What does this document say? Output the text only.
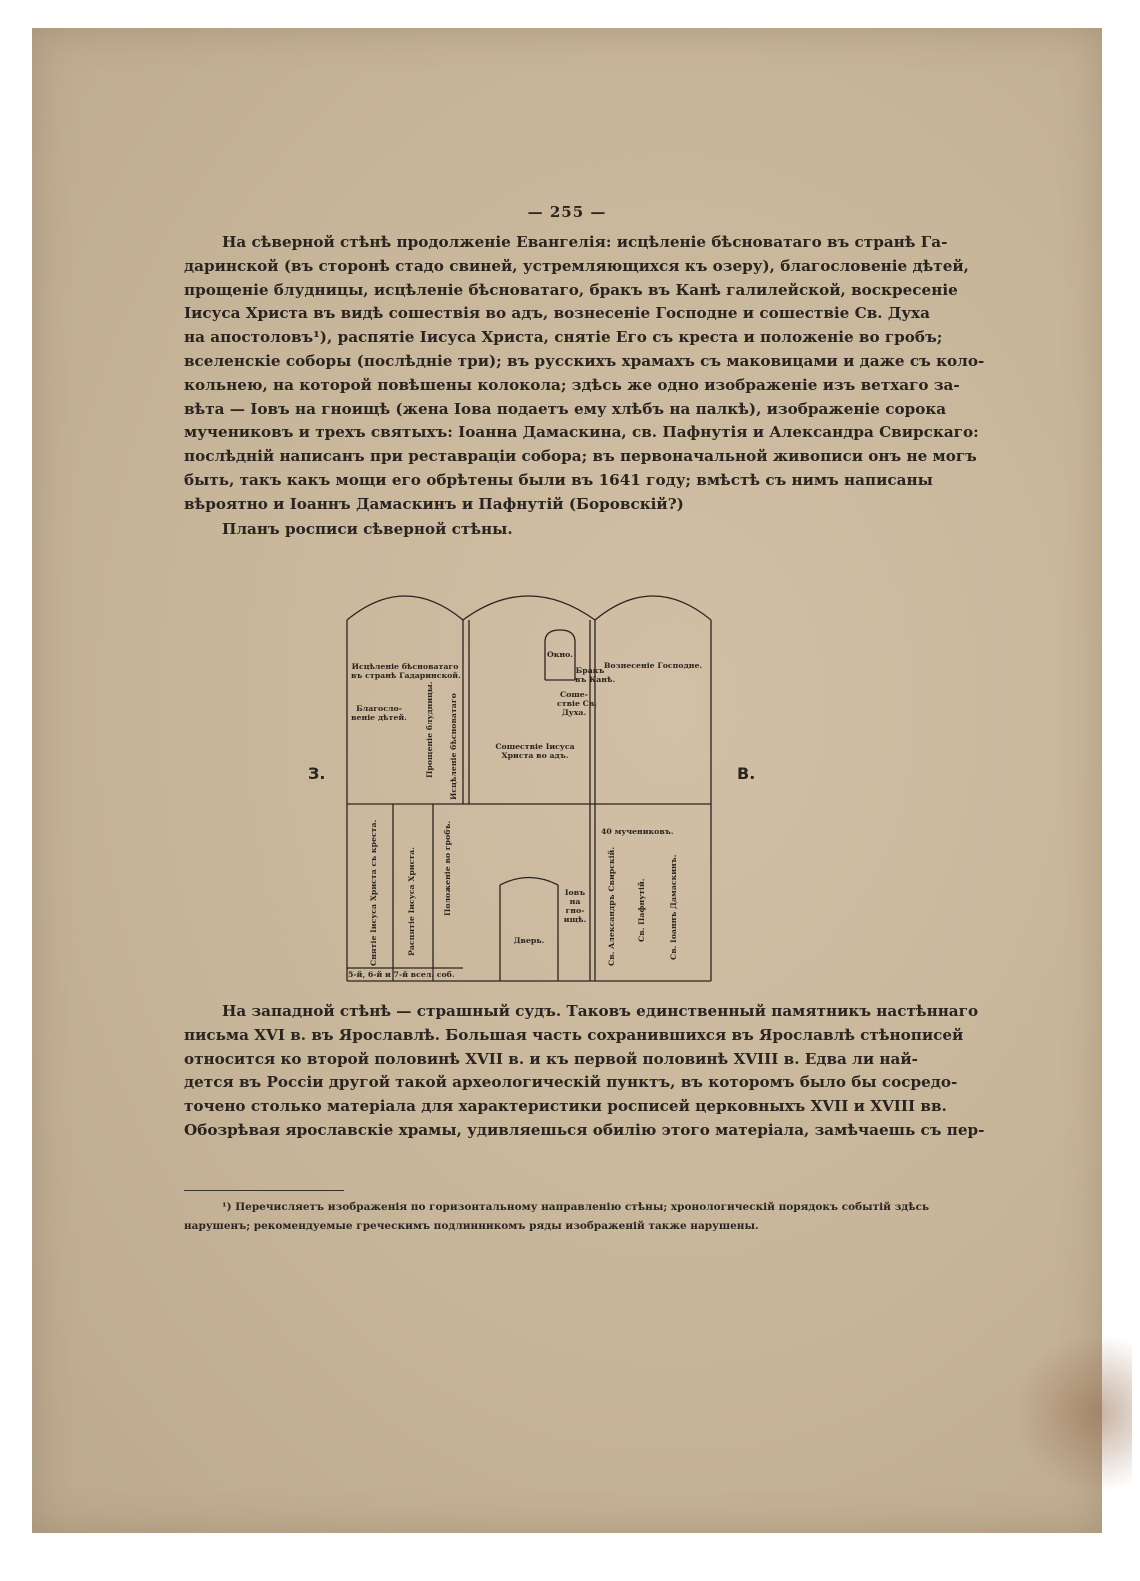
— 255 —
На сѣверной стѣнѣ продолженіе Евангелія: исцѣленіе бѣсноватаго въ странѣ Га-
даринской (въ сторонѣ стадо свиней, устремляющихся къ озеру), благословеніе дѣтей,
прощеніе блудницы, исцѣленіе бѣсноватаго, бракъ въ Канѣ галилейской, воскресеніе
Іисуса Христа въ видѣ сошествія во адъ, вознесеніе Господне и сошествіе Св. Духа
на апостоловъ¹), распятіе Іисуса Христа, снятіе Его съ креста и положеніе во гробъ;
вселенскіе соборы (послѣдніе три); въ русскихъ храмахъ съ маковицами и даже съ коло-
кольнею, на которой повѣшены колокола; здѣсь же одно изображеніе изъ ветхаго за-
вѣта — Іовъ на гноищѣ (жена Іова подаетъ ему хлѣбъ на палкѣ), изображеніе сорока
мучениковъ и трехъ святыхъ: Іоанна Дамаскина, св. Пафнутія и Александра Свирскаго:
послѣдній написанъ при реставраціи собора; въ первоначальной живописи онъ не могъ
быть, такъ какъ мощи его обрѣтены были въ 1641 году; вмѣстѣ съ нимъ написаны
вѣроятно и Іоаннъ Дамаскинъ и Пафнутій (Боровскій?)
Планъ росписи сѣверной стѣны.
Исцѣленіе бѣсноватаго
въ странѣ Гадаринской.
Благосло-
веніе дѣтей. Прощеніе блудницы. Исцѣленіе бѣсноватаго
Окно.
Бракъ
въ Канѣ.
Соше-
ствіе Св.
Духа.
Сошествіе Іисуса
Христа во адъ.
Вознесеніе Господне.
Снятіе Іисуса Христа съ креста.	Распятіе Іисуса Христа.	Положеніе во гробъ.
5-й, 6-й и 7-й всел. соб.
Дверь.
Іовъ
на
гно-
ищѣ.
40 мучениковъ.
Св. Александръ Свирскій.	Св. Пафнутій.	Св. Іоаннъ Дамаскинъ.
З.	В.
На западной стѣнѣ — страшный судъ. Таковъ единственный памятникъ настѣннаго
письма XVI в. въ Ярославлѣ. Большая часть сохранившихся въ Ярославлѣ стѣнописей
относится ко второй половинѣ XVII в. и къ первой половинѣ XVIII в. Едва ли най-
дется въ Россіи другой такой археологическій пунктъ, въ которомъ было бы сосредо-
точено столько матеріала для характеристики росписей церковныхъ XVII и XVIII вв.
Обозрѣвая ярославскіе храмы, удивляешься обилію этого матеріала, замѣчаешь съ пер-
¹) Перечисляетъ изображенія по горизонтальному направленію стѣны; хронологическій порядокъ событій здѣсь
нарушенъ; рекомендуемые греческимъ подлинникомъ ряды изображеній также нарушены.
